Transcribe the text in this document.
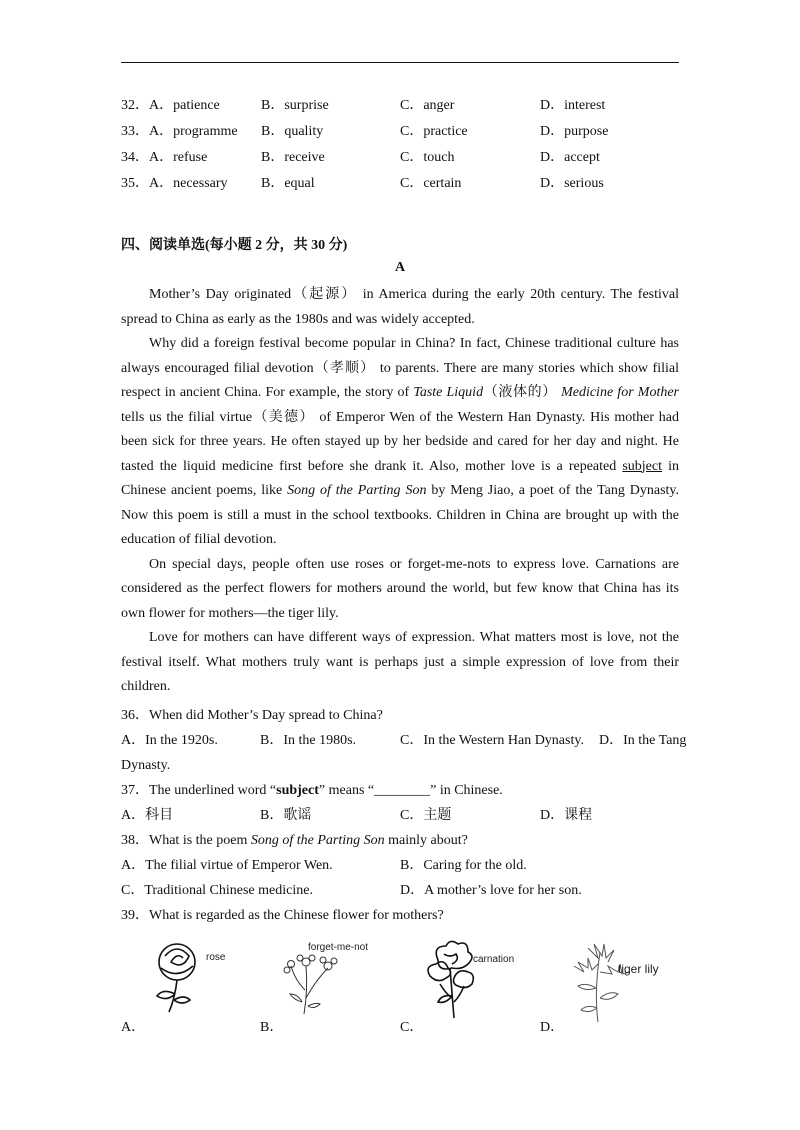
32．A．patience	B．surprise	C．anger	D．interest
33．A．programme B．quality	C．practice	D．purpose
34．A．refuse	B．receive	C．touch	D．accept
35．A．necessary B．equal	C．certain	D．serious
四、阅读单选(每小题 2 分，共 30 分)
A

Mother’s Day originated（起源） in America during the early 20th century. The festival spread to China as early as the 1980s and was widely accepted.

Why did a foreign festival become popular in China? In fact, Chinese traditional culture has always encouraged filial devotion（孝顺） to parents. There are many stories which show filial respect in ancient China. For example, the story of Taste Liquid（液体的） Medicine for Mother tells us the filial virtue（美德） of Emperor Wen of the Western Han Dynasty. His mother had been sick for three years. He often stayed up by her bedside and cared for her day and night. He tasted the liquid medicine first before she drank it. Also, mother love is a repeated subject in Chinese ancient poems, like Song of the Parting Son by Meng Jiao, a poet of the Tang Dynasty. Now this poem is still a must in the school textbooks. Children in China are brought up with the education of filial devotion.

On special days, people often use roses or forget-me-nots to express love. Carnations are considered as the perfect flowers for mothers around the world, but few know that China has its own flower for mothers—the tiger lily.

Love for mothers can have different ways of expression. What matters most is love, not the festival itself. What mothers truly want is perhaps just a simple expression of love from their children.

36．When did Mother’s Day spread to China?

A．In the 1920s.	B．In the 1980s.	C．In the Western Han Dynasty. D．In the Tang

Dynasty.

37．The underlined word “subject” means “________” in Chinese.

A．科目	B．歌谣	C．主题	D．课程

38．What is the poem Song of the Parting Son mainly about?

A．The filial virtue of Emperor Wen.	B．Caring for the old.
C．Traditional Chinese medicine.	D．A mother’s love for her son.

39．What is regarded as the Chinese flower for mothers?

rose
A．
forget-me-not
B．
carnation
C．
tiger lily
D．
